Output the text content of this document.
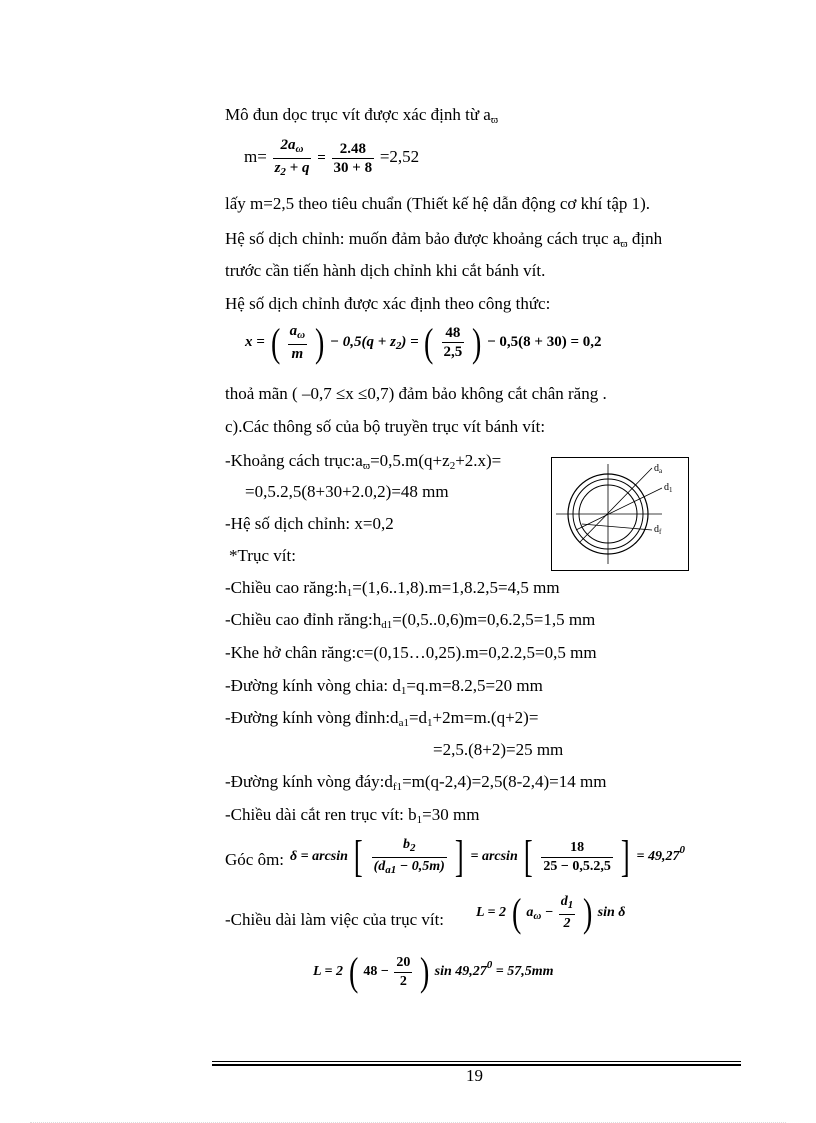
Mô đun dọc trục vít được xác định từ $a_ϖ$
$m= \frac{2a_\omega}{z_2 + q} = \frac{2.48}{30 + 8} =2,52$
lấy m=2,5 theo tiêu chuẩn (Thiết kế hệ dẫn động cơ khí tập 1).
Hệ số dịch chỉnh: muốn đảm bảo được khoảng cách trục $a_ϖ$ định
trước cần tiến hành dịch chỉnh khi cắt bánh vít.
Hệ số dịch chỉnh được xác định theo công thức:
x = ( $\frac{a_\omega}{m}$ ) − $0,5(q + z_2)$ = ( $\frac{48}{2,5}$ ) − 0,5(8 + 30) = 0,2
thoả mãn ( –0,7 ≤x ≤0,7) đảm bảo không cắt chân răng .
c).Các thông số của bộ truyền trục vít bánh vít:
-Khoảng cách $trục:a_ϖ=0,5.m(q+z_2+2.x)=$
=0,5.2,5(8+30+2.0,2)=48 mm
-Hệ số dịch chỉnh: x=0,2
*Trục vít:
$d_a$
$d_1$
$d_f$
-Chiều cao $răng:h_1=(1,6..1,8).m=1,8.2,5=4,5$ mm
-Chiều cao đỉnh $răng:h_{d1}=(0,5..0,6)m=0,6.2,5=1,5$ mm
-Khe hở chân răng:c=(0,15…0,25).m=0,2.2,5=0,5 mm
-Đường kính vòng chia: $d_1=q.m=8.2,5=20$ mm
-Đường kính vòng $đỉnh:d_{a1}=d_1+2m=m.(q+2)=$
=2,5.(8+2)=25 mm
-Đường kính vòng $đáy:d_{f1}=m(q-2,4)=2,5(8-2,4)=14$ mm
-Chiều dài cắt ren trục vít: $b_1=30$ mm
Góc ôm: δ = arcsin [ $\frac{b_2}{(d_{a1} - 0,5m)}$ ] = arcsin [ $\frac{18}{25 - 0,5.2,5}$ ] = $49,27^0$
-Chiều dài làm việc của trục vít: L = 2 ( $a_\omega - \frac{d_1}{2}$ ) sin δ
L = 2 ( $48 - \frac{20}{2}$ ) $\sin 49,27^0 = 57,5mm$
19
